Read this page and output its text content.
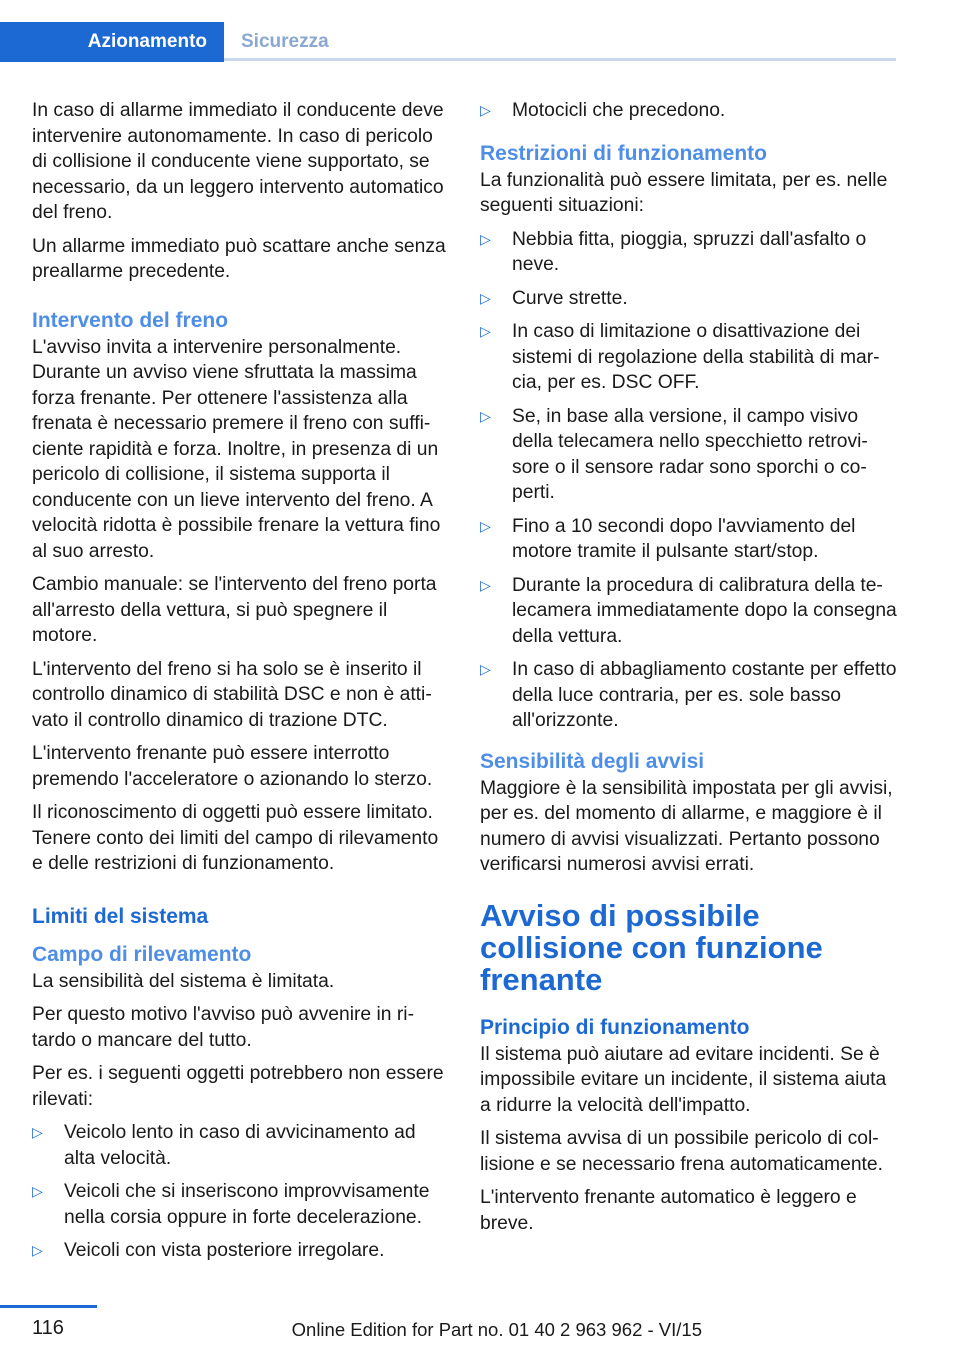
Azionamento	Sicurezza

In caso di allarme immediato il conducente deve intervenire autonomamente. In caso di pericolo di collisione il conducente viene supportato, se necessario, da un leggero intervento automatico del freno.

Un allarme immediato può scattare anche senza preallarme precedente.

Intervento del freno

L'avviso invita a intervenire personalmente. Durante un avviso viene sfruttata la massima forza frenante. Per ottenere l'assistenza alla frenata è necessario premere il freno con sufficiente rapidità e forza. Inoltre, in presenza di un pericolo di collisione, il sistema supporta il conducente con un lieve intervento del freno. A velocità ridotta è possibile frenare la vettura fino al suo arresto.

Cambio manuale: se l'intervento del freno porta all'arresto della vettura, si può spegnere il motore.

L'intervento del freno si ha solo se è inserito il controllo dinamico di stabilità DSC e non è attivato il controllo dinamico di trazione DTC.

L'intervento frenante può essere interrotto premendo l'acceleratore o azionando lo sterzo.

Il riconoscimento di oggetti può essere limitato. Tenere conto dei limiti del campo di rilevamento e delle restrizioni di funzionamento.

Limiti del sistema
Campo di rilevamento

La sensibilità del sistema è limitata.

Per questo motivo l'avviso può avvenire in ritardo o mancare del tutto.

Per es. i seguenti oggetti potrebbero non essere rilevati:

▷ Veicolo lento in caso di avvicinamento ad alta velocità.
▷ Veicoli che si inseriscono improvvisamente nella corsia oppure in forte decelerazione.
▷ Veicoli con vista posteriore irregolare.
▷ Motocicli che precedono.
Restrizioni di funzionamento

La funzionalità può essere limitata, per es. nelle seguenti situazioni:

▷ Nebbia fitta, pioggia, spruzzi dall'asfalto o neve.
▷ Curve strette.
▷ In caso di limitazione o disattivazione dei sistemi di regolazione della stabilità di marcia, per es. DSC OFF.
▷ Se, in base alla versione, il campo visivo della telecamera nello specchietto retrovisore o il sensore radar sono sporchi o coperti.
▷ Fino a 10 secondi dopo l'avviamento del motore tramite il pulsante start/stop.
▷ Durante la procedura di calibratura della telecamera immediatamente dopo la consegna della vettura.
▷ In caso di abbagliamento costante per effetto della luce contraria, per es. sole basso all'orizzonte.
Sensibilità degli avvisi

Maggiore è la sensibilità impostata per gli avvisi, per es. del momento di allarme, e maggiore è il numero di avvisi visualizzati. Pertanto possono verificarsi numerosi avvisi errati.

Avviso di possibile collisione con funzione frenante
Principio di funzionamento

Il sistema può aiutare ad evitare incidenti. Se è impossibile evitare un incidente, il sistema aiuta a ridurre la velocità dell'impatto.

Il sistema avvisa di un possibile pericolo di collisione e se necessario frena automaticamente.

L'intervento frenante automatico è leggero e breve.

116	Online Edition for Part no. 01 40 2 963 962 - VI/15
